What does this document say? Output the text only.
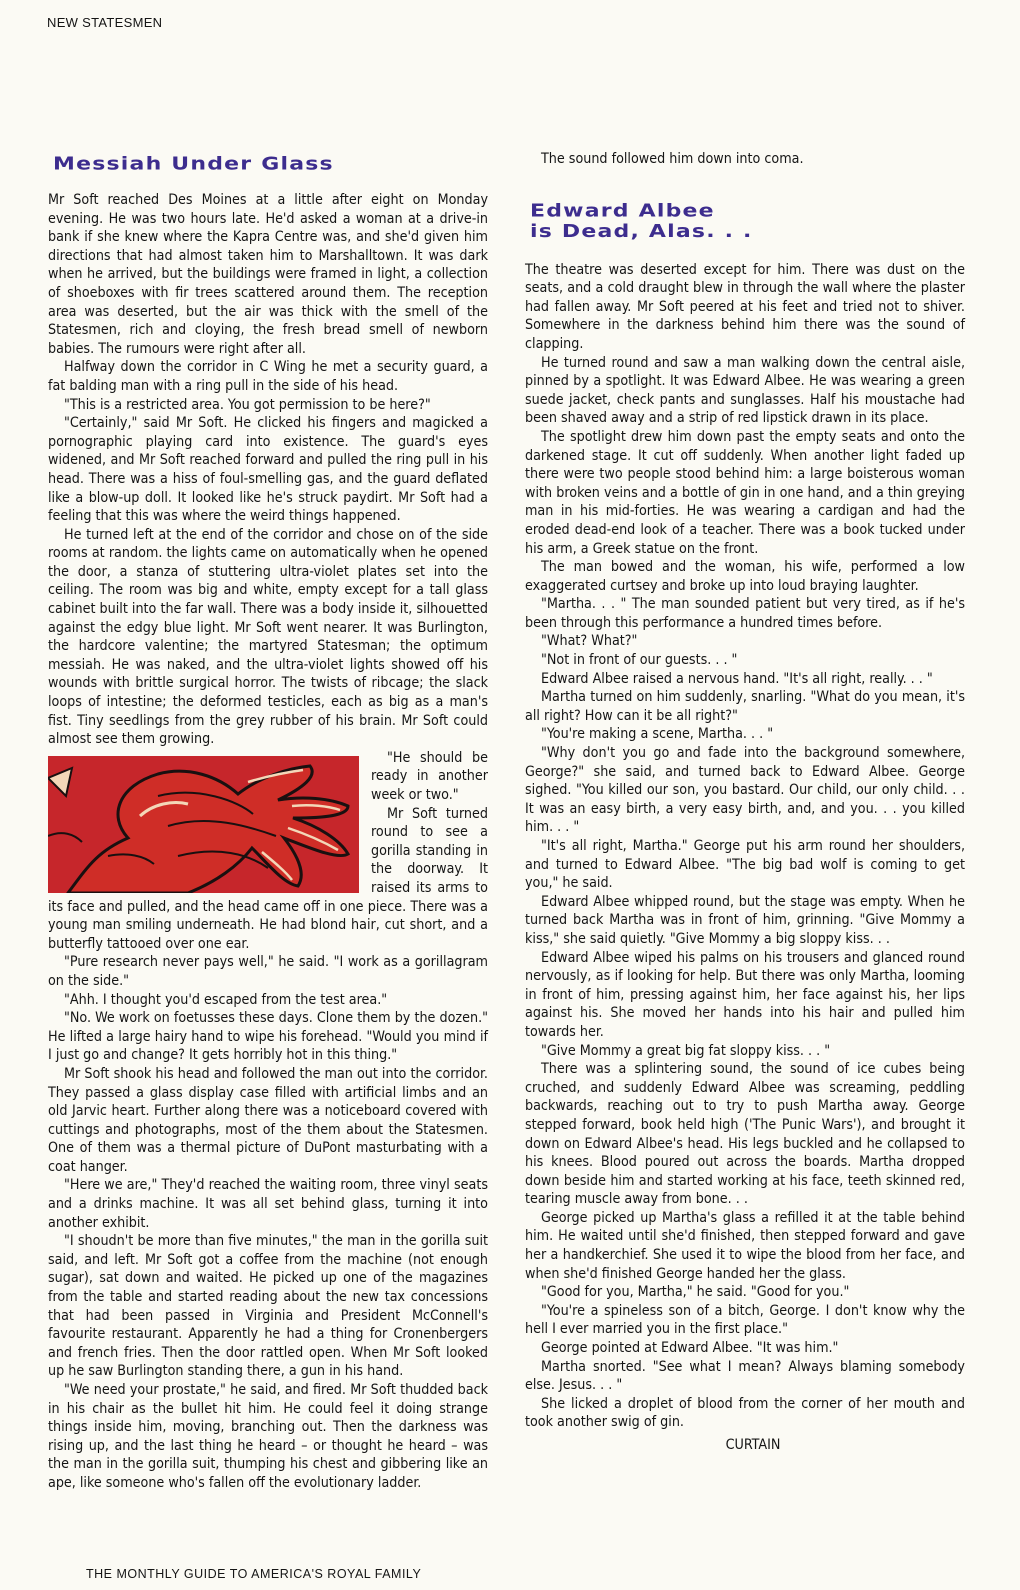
NEW STATESMEN
Messiah Under Glass

Mr Soft reached Des Moines at a little after eight on Monday evening. He was two hours late. He'd asked a woman at a drive-in bank if she knew where the Kapra Centre was, and she'd given him directions that had almost taken him to Marshalltown. It was dark when he arrived, but the buildings were framed in light, a collection of shoeboxes with fir trees scattered around them. The reception area was deserted, but the air was thick with the smell of the Statesmen, rich and cloying, the fresh bread smell of newborn babies. The rumours were right after all.

Halfway down the corridor in C Wing he met a security guard, a fat balding man with a ring pull in the side of his head.

"This is a restricted area. You got permission to be here?"

"Certainly," said Mr Soft. He clicked his fingers and magicked a pornographic playing card into existence. The guard's eyes widened, and Mr Soft reached forward and pulled the ring pull in his head. There was a hiss of foul-smelling gas, and the guard deflated like a blow-up doll. It looked like he's struck paydirt. Mr Soft had a feeling that this was where the weird things happened.

He turned left at the end of the corridor and chose on of the side rooms at random. the lights came on automatically when he opened the door, a stanza of stuttering ultra-violet plates set into the ceiling. The room was big and white, empty except for a tall glass cabinet built into the far wall. There was a body inside it, silhouetted against the edgy blue light. Mr Soft went nearer. It was Burlington, the hardcore valentine; the martyred Statesman; the optimum messiah. He was naked, and the ultra-violet lights showed off his wounds with brittle surgical horror. The twists of ribcage; the slack loops of intestine; the deformed testicles, each as big as a man's fist. Tiny seedlings from the grey rubber of his brain. Mr Soft could almost see them growing.

"He should be ready in another week or two."

Mr Soft turned round to see a gorilla standing in the doorway. It raised its arms to its face and pulled, and the head came off in one piece. There was a young man smiling underneath. He had blond hair, cut short, and a butterfly tattooed over one ear.

"Pure research never pays well," he said. "I work as a gorillagram on the side."

"Ahh. I thought you'd escaped from the test area."

"No. We work on foetusses these days. Clone them by the dozen." He lifted a large hairy hand to wipe his forehead. "Would you mind if I just go and change? It gets horribly hot in this thing."

Mr Soft shook his head and followed the man out into the corridor. They passed a glass display case filled with artificial limbs and an old Jarvic heart. Further along there was a noticeboard covered with cuttings and photographs, most of the them about the Statesmen. One of them was a thermal picture of DuPont masturbating with a coat hanger.

"Here we are," They'd reached the waiting room, three vinyl seats and a drinks machine. It was all set behind glass, turning it into another exhibit.

"I shoudn't be more than five minutes," the man in the gorilla suit said, and left. Mr Soft got a coffee from the machine (not enough sugar), sat down and waited. He picked up one of the magazines from the table and started reading about the new tax concessions that had been passed in Virginia and President McConnell's favourite restaurant. Apparently he had a thing for Cronenbergers and french fries. Then the door rattled open. When Mr Soft looked up he saw Burlington standing there, a gun in his hand.

"We need your prostate," he said, and fired. Mr Soft thudded back in his chair as the bullet hit him. He could feel it doing strange things inside him, moving, branching out. Then the darkness was rising up, and the last thing he heard – or thought he heard – was the man in the gorilla suit, thumping his chest and gibbering like an ape, like someone who's fallen off the evolutionary ladder.

The sound followed him down into coma.

Edward Albee
is Dead, Alas. . .

The theatre was deserted except for him. There was dust on the seats, and a cold draught blew in through the wall where the plaster had fallen away. Mr Soft peered at his feet and tried not to shiver. Somewhere in the darkness behind him there was the sound of clapping.

He turned round and saw a man walking down the central aisle, pinned by a spotlight. It was Edward Albee. He was wearing a green suede jacket, check pants and sunglasses. Half his moustache had been shaved away and a strip of red lipstick drawn in its place.

The spotlight drew him down past the empty seats and onto the darkened stage. It cut off suddenly. When another light faded up there were two people stood behind him: a large boisterous woman with broken veins and a bottle of gin in one hand, and a thin greying man in his mid-forties. He was wearing a cardigan and had the eroded dead-end look of a teacher. There was a book tucked under his arm, a Greek statue on the front.

The man bowed and the woman, his wife, performed a low exaggerated curtsey and broke up into loud braying laughter.

"Martha. . . " The man sounded patient but very tired, as if he's been through this performance a hundred times before.

"What? What?"

"Not in front of our guests. . . "

Edward Albee raised a nervous hand. "It's all right, really. . . "

Martha turned on him suddenly, snarling. "What do you mean, it's all right? How can it be all right?"

"You're making a scene, Martha. . . "

"Why don't you go and fade into the background somewhere, George?" she said, and turned back to Edward Albee. George sighed. "You killed our son, you bastard. Our child, our only child. . . It was an easy birth, a very easy birth, and, and you. . . you killed him. . . "

"It's all right, Martha." George put his arm round her shoulders, and turned to Edward Albee. "The big bad wolf is coming to get you," he said.

Edward Albee whipped round, but the stage was empty. When he turned back Martha was in front of him, grinning. "Give Mommy a kiss," she said quietly. "Give Mommy a big sloppy kiss. . .

Edward Albee wiped his palms on his trousers and glanced round nervously, as if looking for help. But there was only Martha, looming in front of him, pressing against him, her face against his, her lips against his. She moved her hands into his hair and pulled him towards her.

"Give Mommy a great big fat sloppy kiss. . . "

There was a splintering sound, the sound of ice cubes being cruched, and suddenly Edward Albee was screaming, peddling backwards, reaching out to try to push Martha away. George stepped forward, book held high ('The Punic Wars'), and brought it down on Edward Albee's head. His legs buckled and he collapsed to his knees. Blood poured out across the boards. Martha dropped down beside him and started working at his face, teeth skinned red, tearing muscle away from bone. . .

George picked up Martha's glass a refilled it at the table behind him. He waited until she'd finished, then stepped forward and gave her a handkerchief. She used it to wipe the blood from her face, and when she'd finished George handed her the glass.

"Good for you, Martha," he said. "Good for you."

"You're a spineless son of a bitch, George. I don't know why the hell I ever married you in the first place."

George pointed at Edward Albee. "It was him."

Martha snorted. "See what I mean? Always blaming somebody else. Jesus. . . "

She licked a droplet of blood from the corner of her mouth and took another swig of gin.

CURTAIN

THE MONTHLY GUIDE TO AMERICA'S ROYAL FAMILY
